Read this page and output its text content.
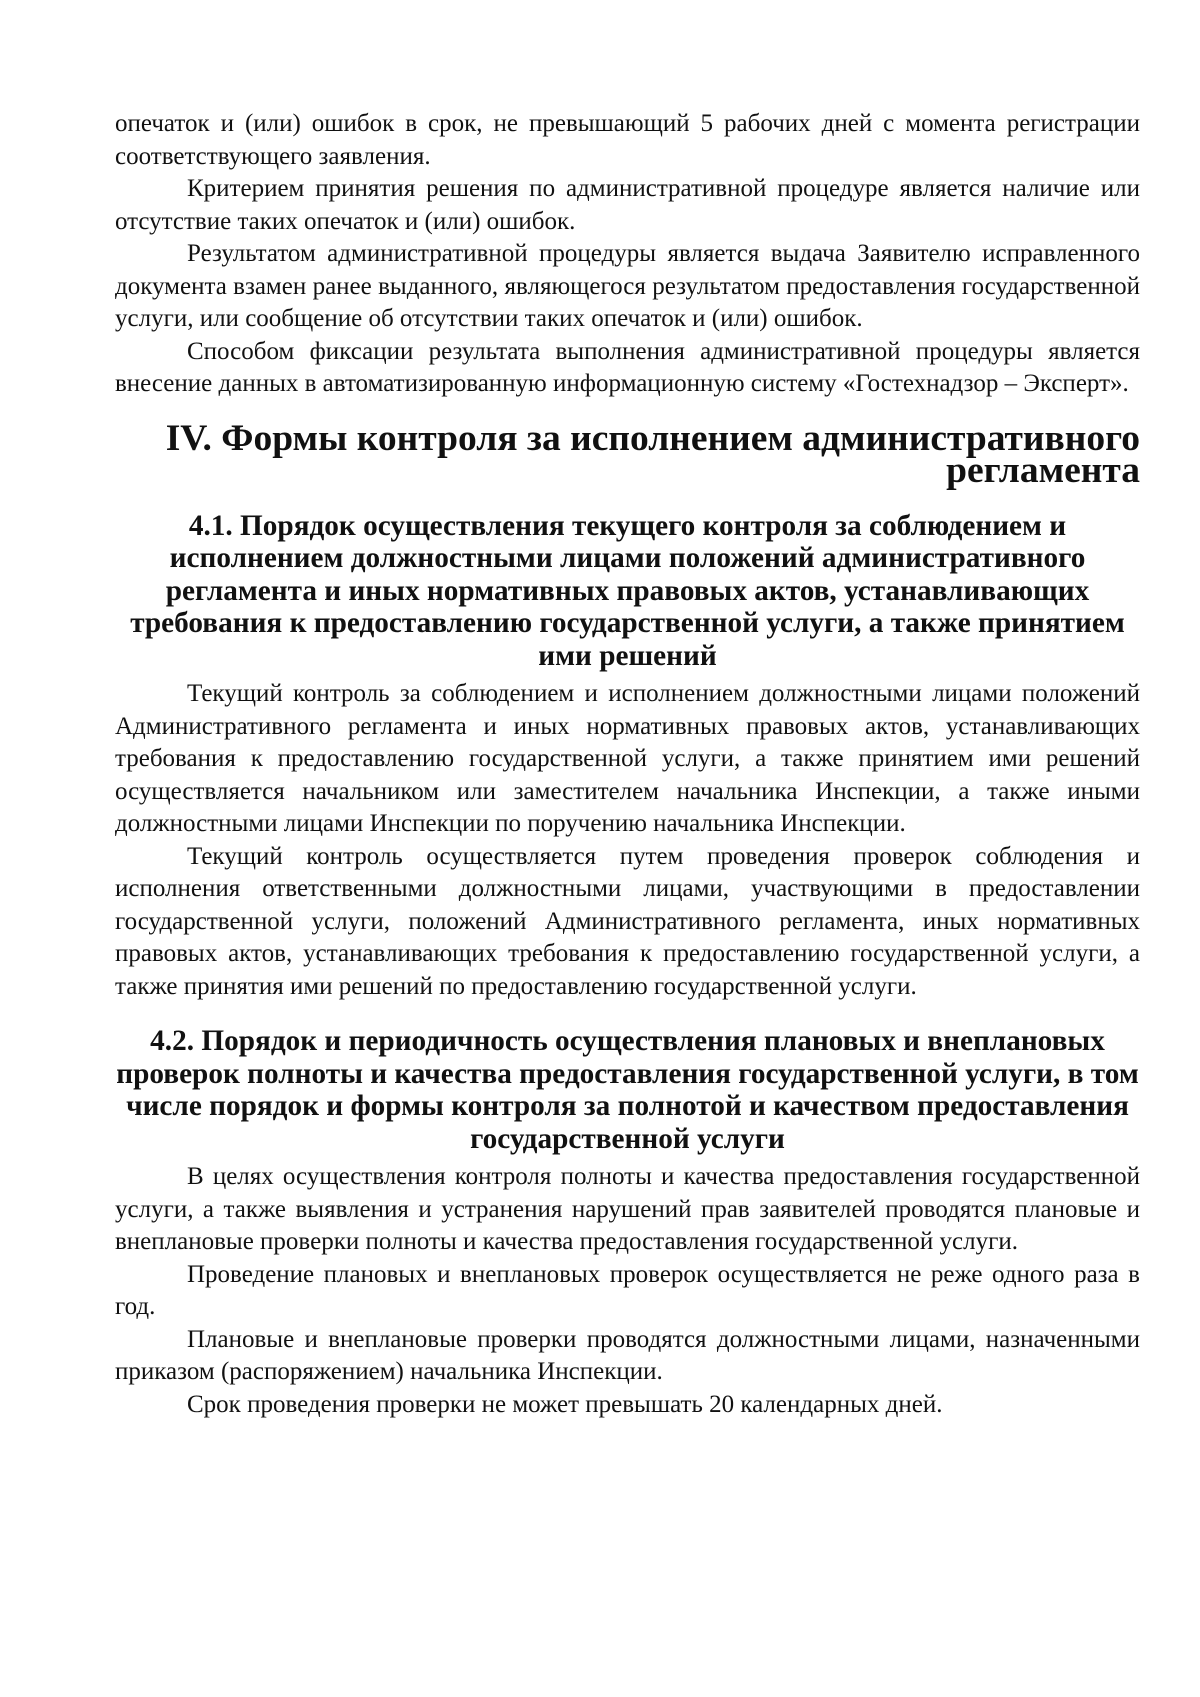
опечаток и (или) ошибок в срок, не превышающий 5 рабочих дней с момента регистрации соответствующего заявления.

Критерием принятия решения по административной процедуре является наличие или отсутствие таких опечаток и (или) ошибок.

Результатом административной процедуры является выдача Заявителю исправленного документа взамен ранее выданного, являющегося результатом предоставления государственной услуги, или сообщение об отсутствии таких опечаток и (или) ошибок.

Способом фиксации результата выполнения административной процедуры является внесение данных в автоматизированную информационную систему «Гостехнадзор – Эксперт».

IV. Формы контроля за исполнением административного регламента
4.1. Порядок осуществления текущего контроля за соблюдением и исполнением должностными лицами положений административного регламента и иных нормативных правовых актов, устанавливающих требования к предоставлению государственной услуги, а также принятием ими решений

Текущий контроль за соблюдением и исполнением должностными лицами положений Административного регламента и иных нормативных правовых актов, устанавливающих требования к предоставлению государственной услуги, а также принятием ими решений осуществляется начальником или заместителем начальника Инспекции, а также иными должностными лицами Инспекции по поручению начальника Инспекции.

Текущий контроль осуществляется путем проведения проверок соблюдения и исполнения ответственными должностными лицами, участвующими в предоставлении государственной услуги, положений Административного регламента, иных нормативных правовых актов, устанавливающих требования к предоставлению государственной услуги, а также принятия ими решений по предоставлению государственной услуги.

4.2. Порядок и периодичность осуществления плановых и внеплановых проверок полноты и качества предоставления государственной услуги, в том числе порядок и формы контроля за полнотой и качеством предоставления государственной услуги

В целях осуществления контроля полноты и качества предоставления государственной услуги, а также выявления и устранения нарушений прав заявителей проводятся плановые и внеплановые проверки полноты и качества предоставления государственной услуги.

Проведение плановых и внеплановых проверок осуществляется не реже одного раза в год.

Плановые и внеплановые проверки проводятся должностными лицами, назначенными приказом (распоряжением) начальника Инспекции.

Срок проведения проверки не может превышать 20 календарных дней.
